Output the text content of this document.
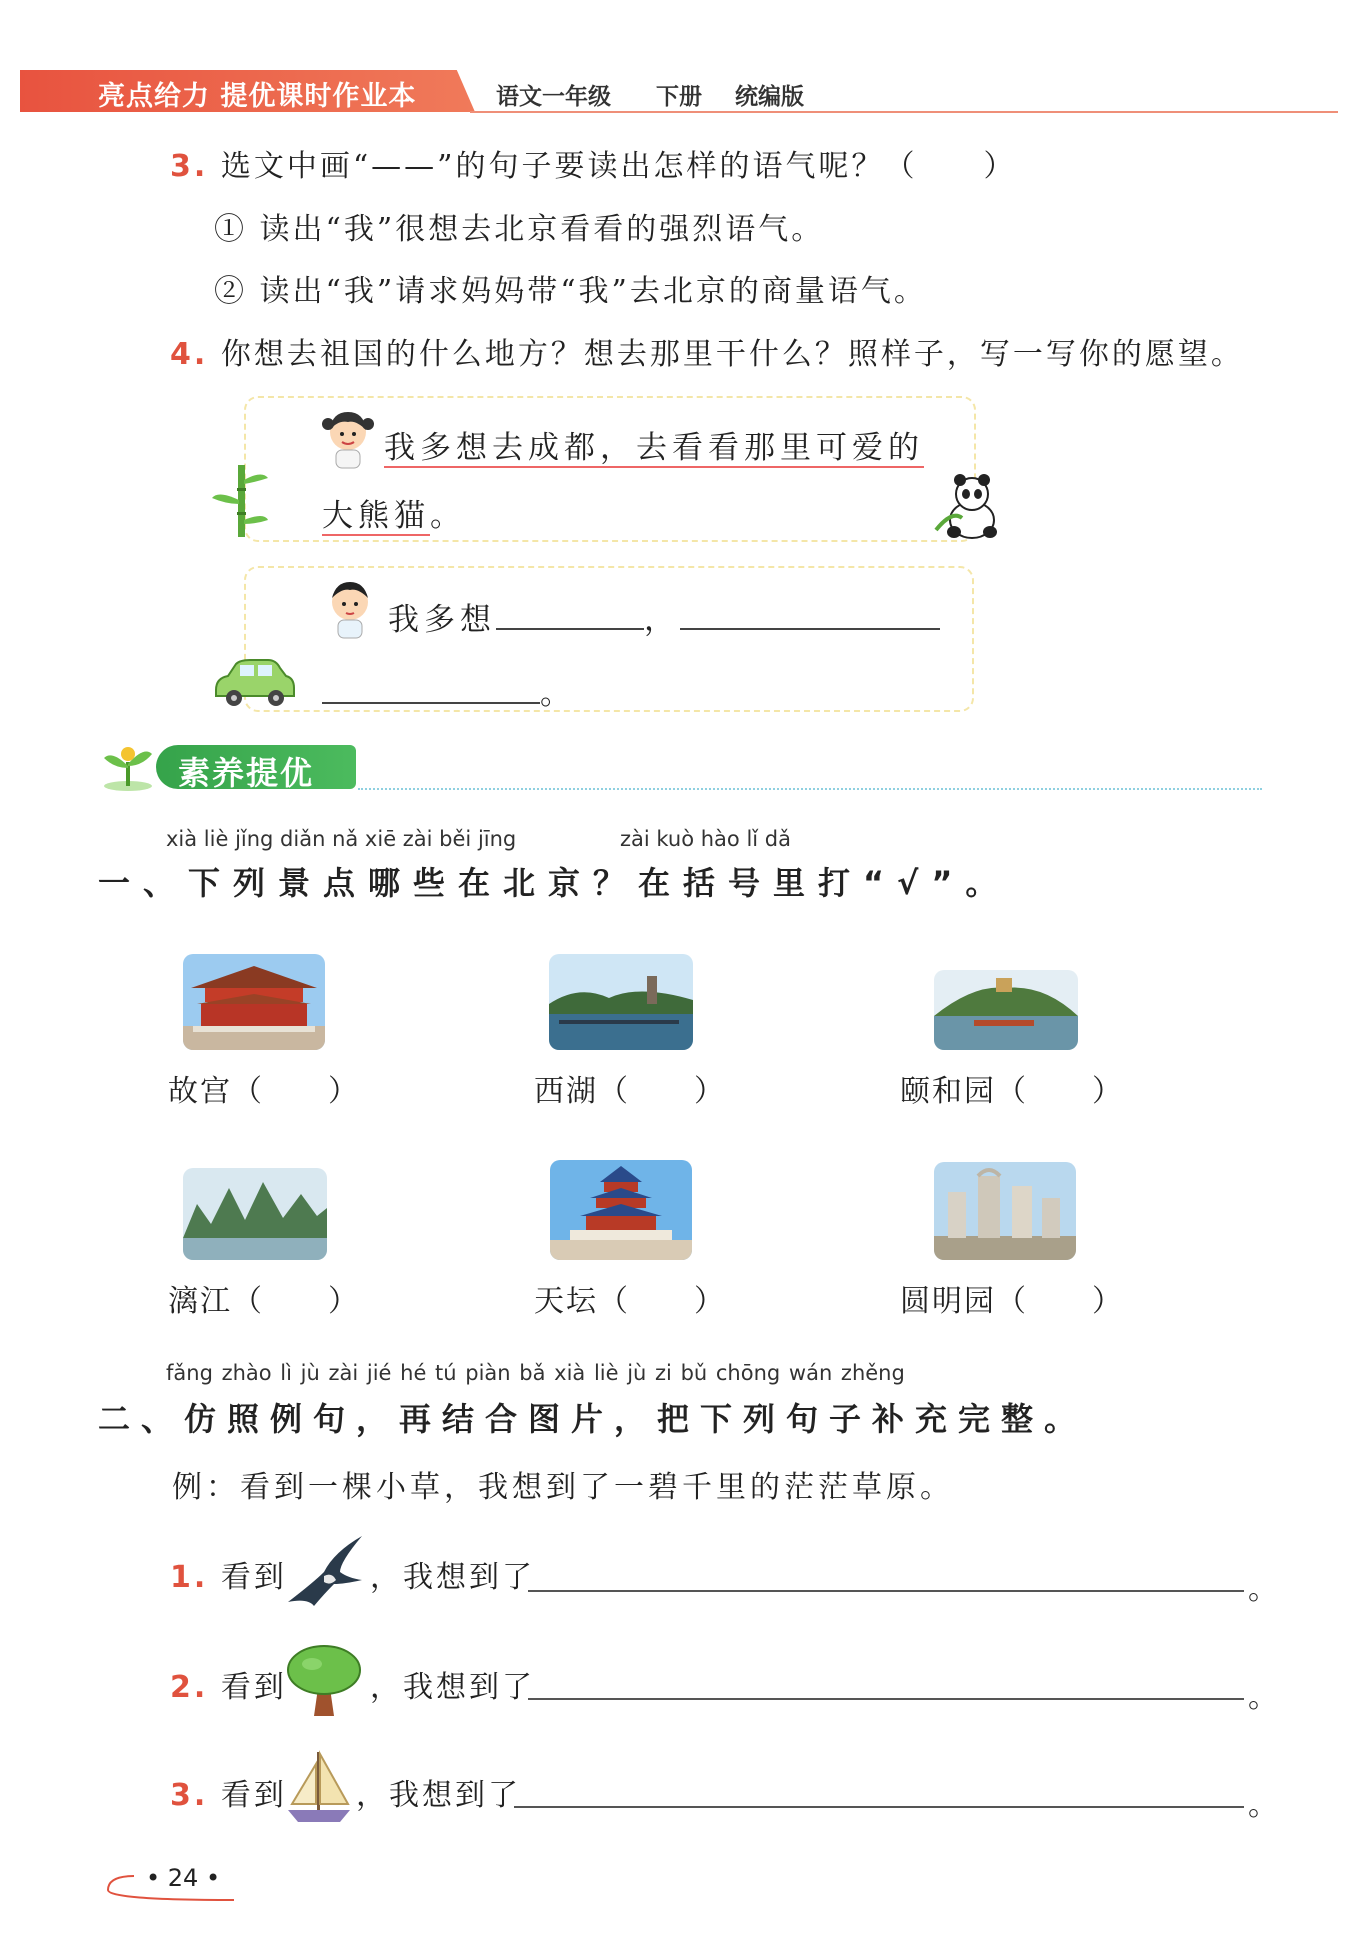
亮点给力 提优课时作业本	语文一年级 下册 统编版
3. 选文中画“——”的句子要读出怎样的语气呢？（　　）
① 读出“我”很想去北京看看的强烈语气。
② 读出“我”请求妈妈带“我”去北京的商量语气。
4. 你想去祖国的什么地方？想去那里干什么？照样子，写一写你的愿望。
我多想去成都，去看看那里可爱的
大熊猫。
我多想	，
。
素养提优
xià liè jǐng diǎn nǎ xiē zài běi jīng	zài kuò hào lǐ dǎ
一、下列景点哪些在北京？在括号里打“√”。
故宫（　　）	西湖（　　）	颐和园（　　）
漓江（　　）	天坛（　　）	圆明园（　　）
fǎng zhào lì jù zài jié hé tú piàn bǎ xià liè jù zi bǔ chōng wán zhěng
二、仿照例句，再结合图片，把下列句子补充完整。
例：看到一棵小草，我想到了一碧千里的茫茫草原。
1. 看到	，我想到了	。
2. 看到	，我想到了	。
3. 看到 ，我想到了	。
• 24 •
